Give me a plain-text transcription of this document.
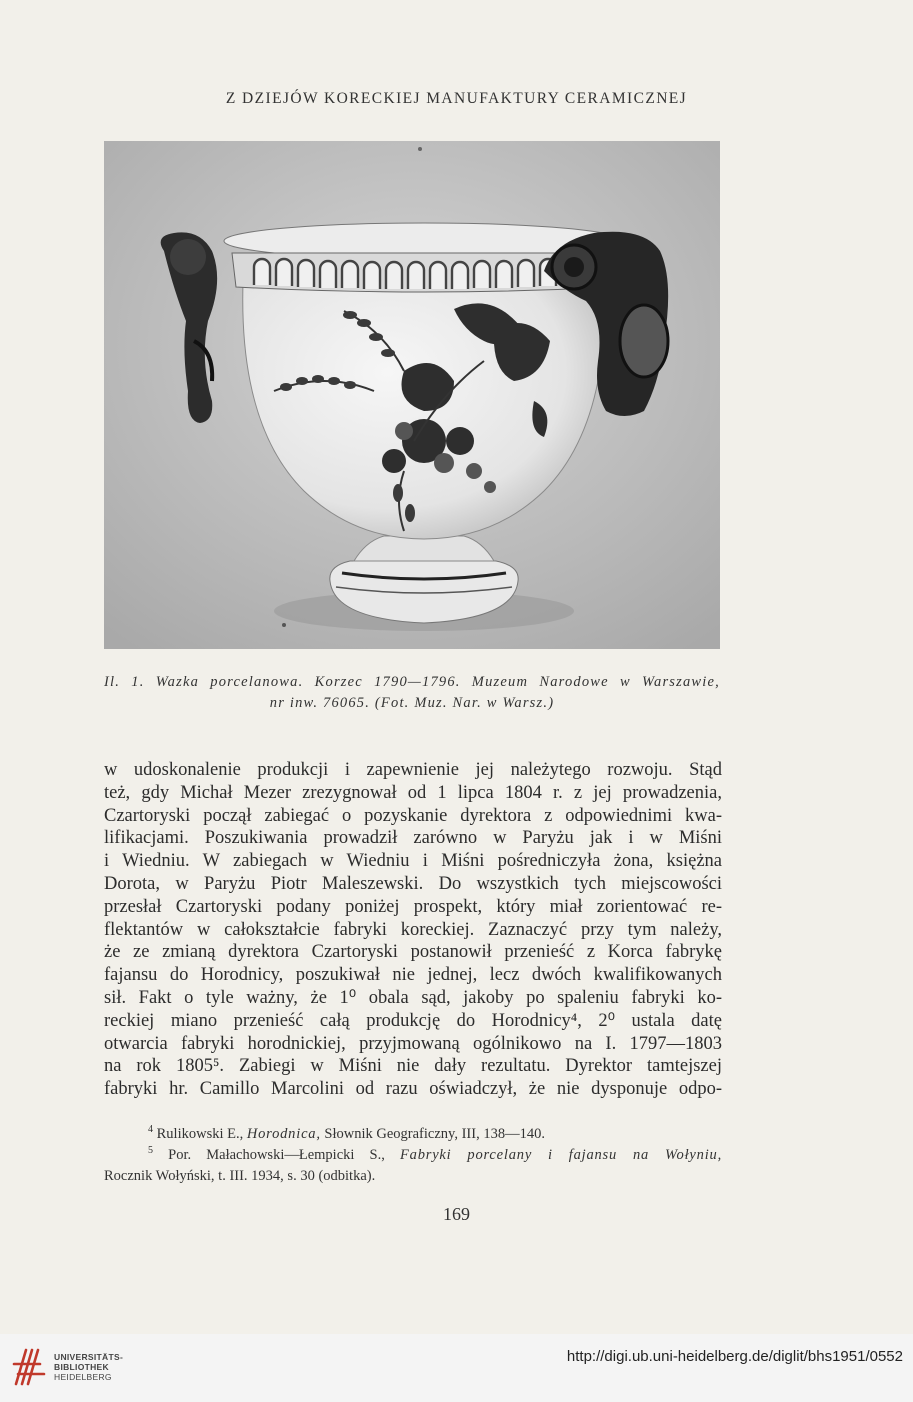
Z DZIEJÓW KORECKIEJ MANUFAKTURY CERAMICZNEJ
Il. 1. Wazka porcelanowa. Korzec 1790—1796. Muzeum Narodowe w Warszawie,
nr inw. 76065. (Fot. Muz. Nar. w Warsz.)
w udoskonalenie produkcji i zapewnienie jej należytego rozwoju. Stąd
też, gdy Michał Mezer zrezygnował od 1 lipca 1804 r. z jej prowadzenia,
Czartoryski począł zabiegać o pozyskanie dyrektora z odpowiednimi kwa-
lifikacjami. Poszukiwania prowadził zarówno w Paryżu jak i w Miśni
i Wiedniu. W zabiegach w Wiedniu i Miśni pośredniczyła żona, księżna
Dorota, w Paryżu Piotr Maleszewski. Do wszystkich tych miejscowości
przesłał Czartoryski podany poniżej prospekt, który miał zorientować re-
flektantów w całokształcie fabryki koreckiej. Zaznaczyć przy tym należy,
że ze zmianą dyrektora Czartoryski postanowił przenieść z Korca fabrykę
fajansu do Horodnicy, poszukiwał nie jednej, lecz dwóch kwalifikowanych
sił. Fakt o tyle ważny, że 1⁰ obala sąd, jakoby po spaleniu fabryki ko-
reckiej miano przenieść całą produkcję do Horodnicy⁴, 2⁰ ustala datę
otwarcia fabryki horodnickiej, przyjmowaną ogólnikowo na I. 1797—1803
na rok 1805⁵. Zabiegi w Miśni nie dały rezultatu. Dyrektor tamtejszej
fabryki hr. Camillo Marcolini od razu oświadczył, że nie dysponuje odpo-
$^4$ Rulikowski E., Horodnica, Słownik Geograficzny, III, 138—140.
$^5$ Por. Małachowski—Łempicki S., Fabryki porcelany i fajansu na Wołyniu,
Rocznik Wołyński, t. III. 1934, s. 30 (odbitka).
169
UNIVERSITÄTS-
BIBLIOTHEK
HEIDELBERG
http://digi.ub.uni-heidelberg.de/diglit/bhs1951/0552
